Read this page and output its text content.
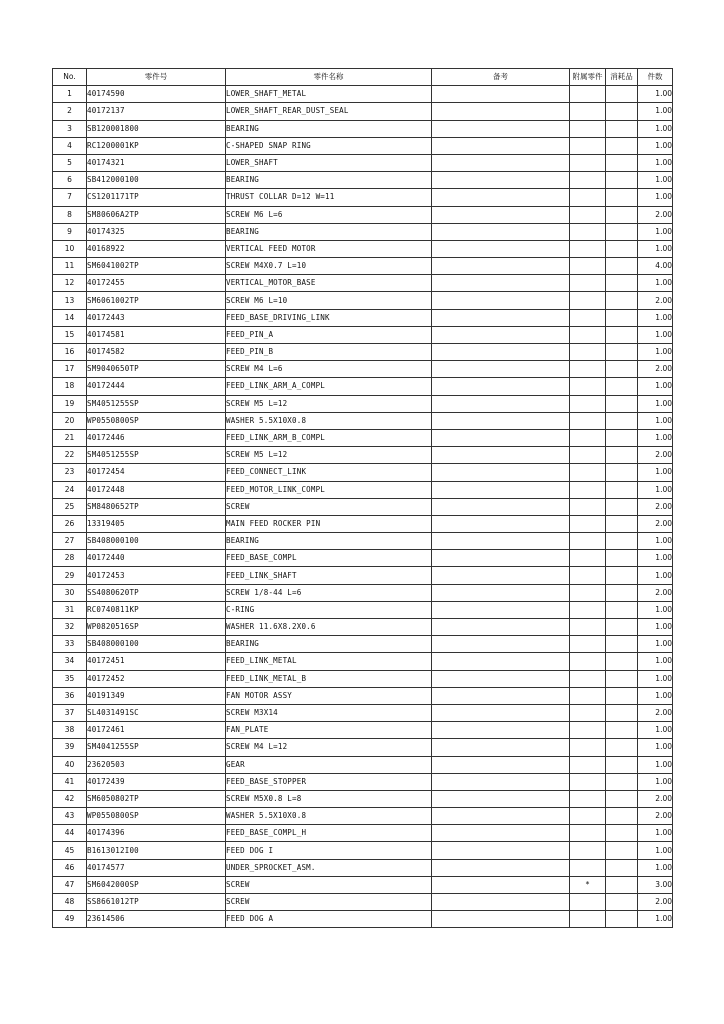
No.	零件号	零件名称	备考	附属零件	消耗品	件数
1	40174590	LOWER_SHAFT_METAL				1.00
2	40172137	LOWER_SHAFT_REAR_DUST_SEAL				1.00
3	SB120001800	BEARING				1.00
4	RC1200001KP	C-SHAPED SNAP RING				1.00
5	40174321	LOWER_SHAFT				1.00
6	SB412000100	BEARING				1.00
7	CS1201171TP	THRUST COLLAR D=12 W=11				1.00
8	SM80606A2TP	SCREW M6 L=6				2.00
9	40174325	BEARING				1.00
10	40168922	VERTICAL FEED MOTOR				1.00
11	SM6041002TP	SCREW M4X0.7 L=10				4.00
12	40172455	VERTICAL_MOTOR_BASE				1.00
13	SM6061002TP	SCREW M6 L=10				2.00
14	40172443	FEED_BASE_DRIVING_LINK				1.00
15	40174581	FEED_PIN_A				1.00
16	40174582	FEED_PIN_B				1.00
17	SM9040650TP	SCREW M4 L=6				2.00
18	40172444	FEED_LINK_ARM_A_COMPL				1.00
19	SM4051255SP	SCREW M5 L=12				1.00
20	WP0550800SP	WASHER 5.5X10X0.8				1.00
21	40172446	FEED_LINK_ARM_B_COMPL				1.00
22	SM4051255SP	SCREW M5 L=12				2.00
23	40172454	FEED_CONNECT_LINK				1.00
24	40172448	FEED_MOTOR_LINK_COMPL				1.00
25	SM8480652TP	SCREW				2.00
26	13319405	MAIN FEED ROCKER PIN				2.00
27	SB408000100	BEARING				1.00
28	40172440	FEED_BASE_COMPL				1.00
29	40172453	FEED_LINK_SHAFT				1.00
30	SS4080620TP	SCREW 1/8-44 L=6				2.00
31	RC0740811KP	C-RING				1.00
32	WP0820516SP	WASHER 11.6X8.2X0.6				1.00
33	SB408000100	BEARING				1.00
34	40172451	FEED_LINK_METAL				1.00
35	40172452	FEED_LINK_METAL_B				1.00
36	40191349	FAN MOTOR ASSY				1.00
37	SL4031491SC	SCREW M3X14				2.00
38	40172461	FAN_PLATE				1.00
39	SM4041255SP	SCREW M4 L=12				1.00
40	23620503	GEAR				1.00
41	40172439	FEED_BASE_STOPPER				1.00
42	SM6050802TP	SCREW M5X0.8 L=8				2.00
43	WP0550800SP	WASHER 5.5X10X0.8				2.00
44	40174396	FEED_BASE_COMPL_H				1.00
45	B1613012I00	FEED DOG I				1.00
46	40174577	UNDER_SPROCKET_ASM.				1.00
47	SM6042000SP	SCREW		*		3.00
48	SS8661012TP	SCREW				2.00
49	23614506	FEED DOG A				1.00
